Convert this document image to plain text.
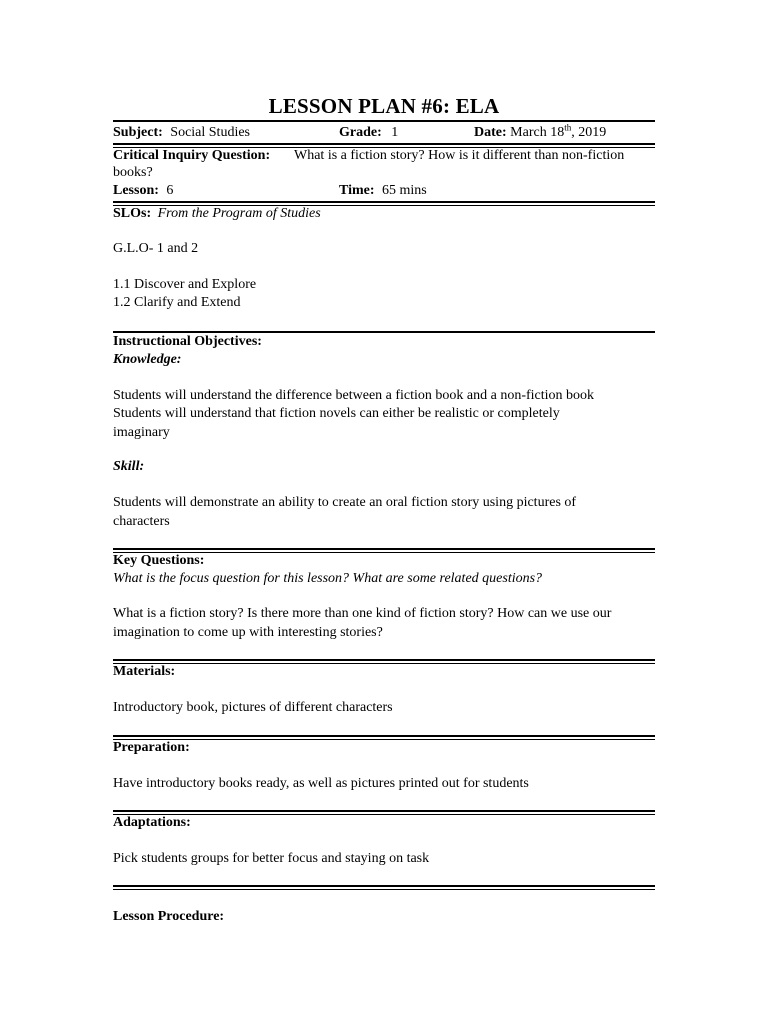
LESSON PLAN #6: ELA
Subject: Social Studies	Grade: 1	Date: March 18th, 2019
Critical Inquiry Question: What is a fiction story? How is it different than non-fiction
books?
Lesson: 6	Time: 65 mins
SLOs: From the Program of Studies
G.L.O- 1 and 2
1.1 Discover and Explore
1.2 Clarify and Extend
Instructional Objectives:
Knowledge:
Students will understand the difference between a fiction book and a non-fiction book
Students will understand that fiction novels can either be realistic or completely
imaginary
Skill:
Students will demonstrate an ability to create an oral fiction story using pictures of
characters
Key Questions:
What is the focus question for this lesson? What are some related questions?
What is a fiction story? Is there more than one kind of fiction story? How can we use our
imagination to come up with interesting stories?
Materials:
Introductory book, pictures of different characters
Preparation:
Have introductory books ready, as well as pictures printed out for students
Adaptations:
Pick students groups for better focus and staying on task
Lesson Procedure:
